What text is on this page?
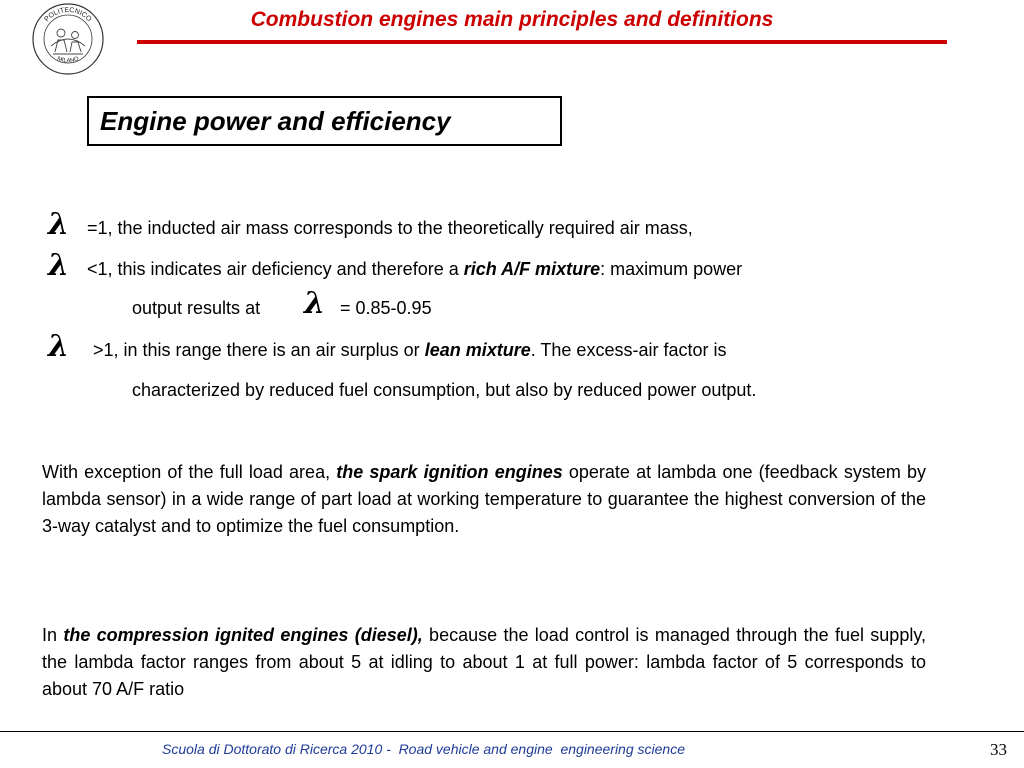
POLITECNICO
MILANO
Combustion engines main principles and definitions
Engine power and efficiency
λ =1, the inducted air mass corresponds to the theoretically required air mass,
λ <1, this indicates air deficiency and therefore a rich A/F mixture: maximum power
output results at λ = 0.85-0.95
λ >1, in this range there is an air surplus or lean mixture. The excess-air factor is
characterized by reduced fuel consumption, but also by reduced power output.
With exception of the full load area, the spark ignition engines operate at lambda one (feedback system by lambda sensor) in a wide range of part load at working temperature to guarantee the highest conversion of the 3-way catalyst and to optimize the fuel consumption.
In the compression ignited engines (diesel), because the load control is managed through the fuel supply, the lambda factor ranges from about 5 at idling to about 1 at full power: lambda factor of 5 corresponds to about 70 A/F ratio
Scuola di Dottorato di Ricerca 2010 -  Road vehicle and engine  engineering science	33
